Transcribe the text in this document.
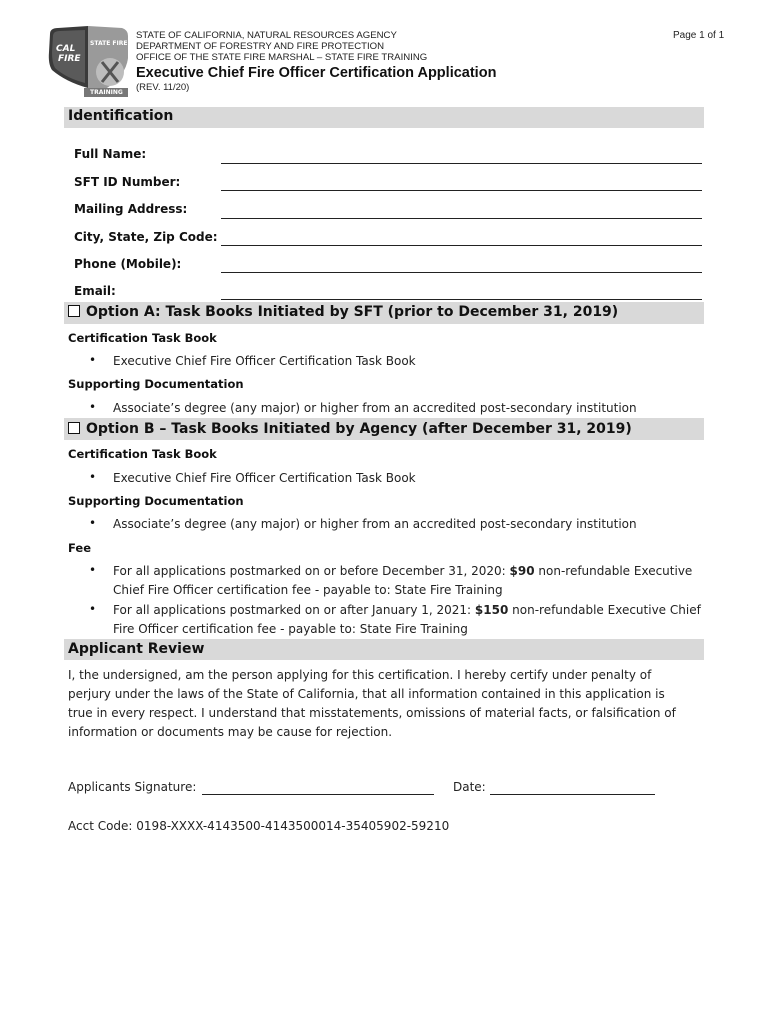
CAL
FIRE
STATE FIRE
TRAINING
STATE OF CALIFORNIA, NATURAL RESOURCES AGENCY
DEPARTMENT OF FORESTRY AND FIRE PROTECTION
OFFICE OF THE STATE FIRE MARSHAL – STATE FIRE TRAINING
Executive Chief Fire Officer Certification Application
(REV. 11/20)
Page 1 of 1
Identification
Full Name:
SFT ID Number:
Mailing Address:
City, State, Zip Code:
Phone (Mobile):
Email:
Option A: Task Books Initiated by SFT (prior to December 31, 2019)
Certification Task Book
• Executive Chief Fire Officer Certification Task Book
Supporting Documentation
• Associate’s degree (any major) or higher from an accredited post-secondary institution
Option B – Task Books Initiated by Agency (after December 31, 2019)
Certification Task Book
• Executive Chief Fire Officer Certification Task Book
Supporting Documentation
• Associate’s degree (any major) or higher from an accredited post-secondary institution
Fee
• For all applications postmarked on or before December 31, 2020: $90 non-refundable Executive
Chief Fire Officer certification fee - payable to: State Fire Training
• For all applications postmarked on or after January 1, 2021: $150 non-refundable Executive Chief
Fire Officer certification fee - payable to: State Fire Training
Applicant Review
I, the undersigned, am the person applying for this certification. I hereby certify under penalty of
perjury under the laws of the State of California, that all information contained in this application is
true in every respect. I understand that misstatements, omissions of material facts, or falsification of
information or documents may be cause for rejection.
Applicants Signature:	Date:
Acct Code: 0198-XXXX-4143500-4143500014-35405902-59210
